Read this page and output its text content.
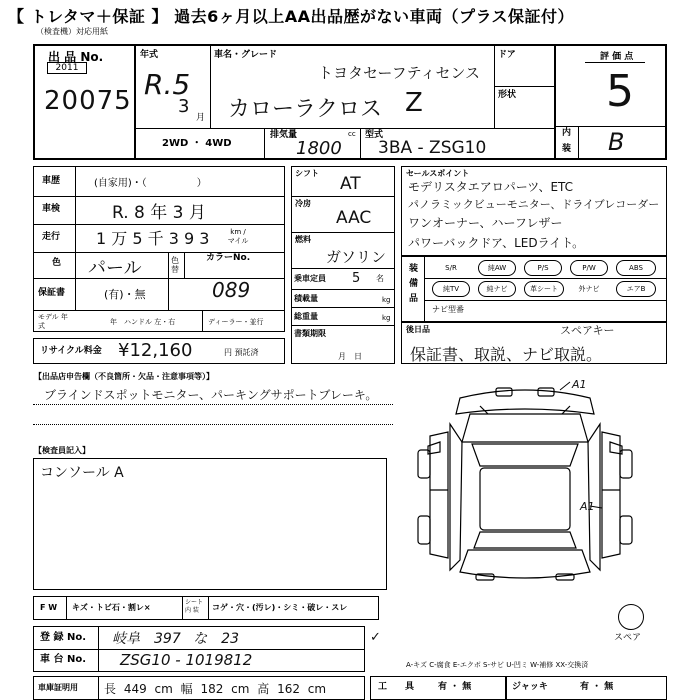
【 トレタマ＋保証 】 過去6ヶ月以上AA出品歴がない車両（プラス保証付）
（検査機）対応用紙
出 品 No.
2011
20075
年式
R.5
3
月
車名・グレード
トヨタセーフティセンス
カローラクロス Z
ドア
形状
2WD ・ 4WD
排気量	cc
1800
型式
3BA - ZSG10
評 価 点
5
内
装 B
車歴	(自家用)・（　　　　　）
車検	R. 8 年 3 月
走行 1 万 5 千 3 9 3	km / マイル
色 パール	色替
カラーNo.
保証書	(有)・無	089
モデル 年 式	年　ハンドル 左・右	ディーラー・並行
リサイクル料金 ¥12,160	円 預託済
シフト
AT
冷房
AAC
燃料
ガソリン
乗車定員 5 名
積載量	kg
総重量	kg
書類期限
月　日
セールスポイント
モデリスタエアロパーツ、ETC
パノラミックビューモニター、ドライブレコーダー
ワンオーナー、ハーフレザー
パワーバックドア、LEDライト。
装 備 品
S/R	純AW	P/S	P/W	ABS
純TV	純ナビ	革シート	外ナビ	エアB
ナビ型番
後日品	スペアキー
保証書、取説、ナビ取説。
【出品店申告欄（不良箇所・欠品・注意事項等）】
ブラインドスポットモニター、パーキングサポートブレーキ。
【検査員記入】
コンソール A
A1
A1
スペア
F W キズ・トビ石・割レ×
シート 内 装	コゲ・穴・(汚レ)・シミ・破レ・スレ
登 録 No. 岐阜　397 な　23
車 台 No. ZSG10 - 1019812
✓
A-キズ C-腐食 E-エクボ S-サビ U-凹ミ W-補修 XX-交換済
車庫証明用 長 449 cm 幅 182 cm 高 162 cm	工　　具	有 ・ 無	ジャッキ	有 ・ 無
